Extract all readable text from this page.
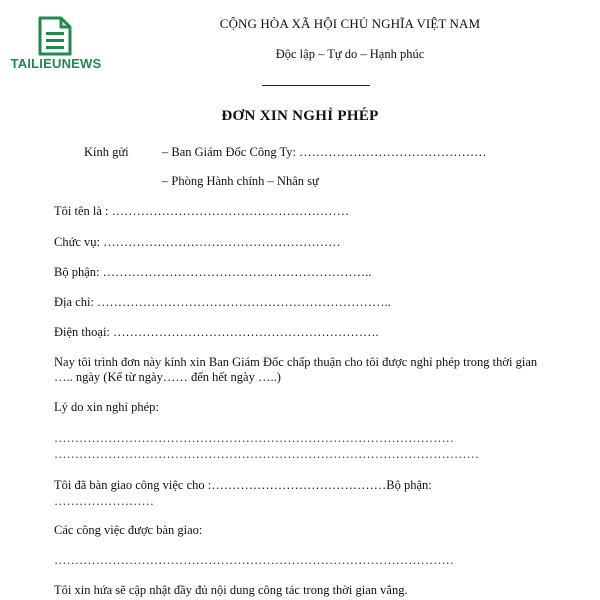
TAILIEUNEWS
CỘNG HÒA XÃ HỘI CHỦ NGHĨA VIỆT NAM
Độc lập – Tự do – Hạnh phúc
ĐƠN XIN NGHỈ PHÉP
Kính gửi	– Ban Giám Đốc Công Ty: ………………………………………
– Phòng Hành chính – Nhân sự
Tôi tên là : …………………………………………………
Chức vụ: …………………………………………………
Bộ phận: ………………………………………………………..
Địa chỉ: ……………………………………………………………..
Điện thoại: ……………………………………………………….
Nay tôi trình đơn này kính xin Ban Giám Đốc chấp thuận cho tôi được nghỉ phép trong thời gian ….. ngày (Kể từ ngày…… đến hết ngày …..)
Lý do xin nghỉ phép:
……………………………………………………………………………………
…………………………………………………………………………………………
Tôi đã bàn giao công việc cho :……………………………………Bộ phận:
……………………
Các công việc được bàn giao:
……………………………………………………………………………………
Tôi xin hứa sẽ cập nhật đầy đủ nội dung công tác trong thời gian vắng.
